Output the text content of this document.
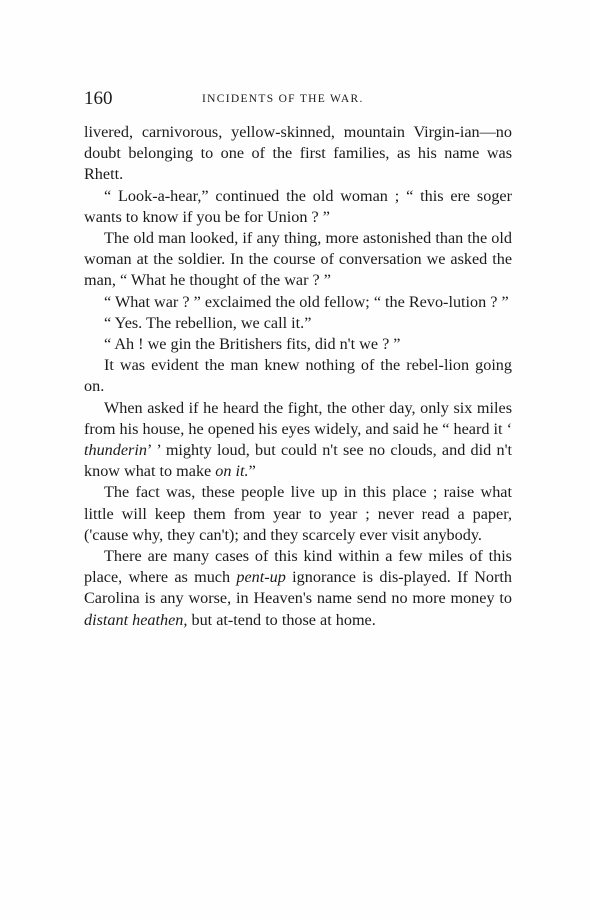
160	INCIDENTS OF THE WAR.

livered, carnivorous, yellow-skinned, mountain Virgin-ian—no doubt belonging to one of the first families, as his name was Rhett.

“ Look-a-hear,” continued the old woman ; “ this ere soger wants to know if you be for Union ? ”

The old man looked, if any thing, more astonished than the old woman at the soldier. In the course of conversation we asked the man, “ What he thought of the war ? ”

“ What war ? ” exclaimed the old fellow; “ the Revo-lution ? ”

“ Yes. The rebellion, we call it.”

“ Ah ! we gin the Britishers fits, did n't we ? ”

It was evident the man knew nothing of the rebel-lion going on.

When asked if he heard the fight, the other day, only six miles from his house, he opened his eyes widely, and said he “ heard it ‘ thunderin’ ’ mighty loud, but could n't see no clouds, and did n't know what to make on it.”

The fact was, these people live up in this place ; raise what little will keep them from year to year ; never read a paper, ('cause why, they can't); and they scarcely ever visit anybody.

There are many cases of this kind within a few miles of this place, where as much pent-up ignorance is dis-played. If North Carolina is any worse, in Heaven's name send no more money to distant heathen, but at-tend to those at home.
